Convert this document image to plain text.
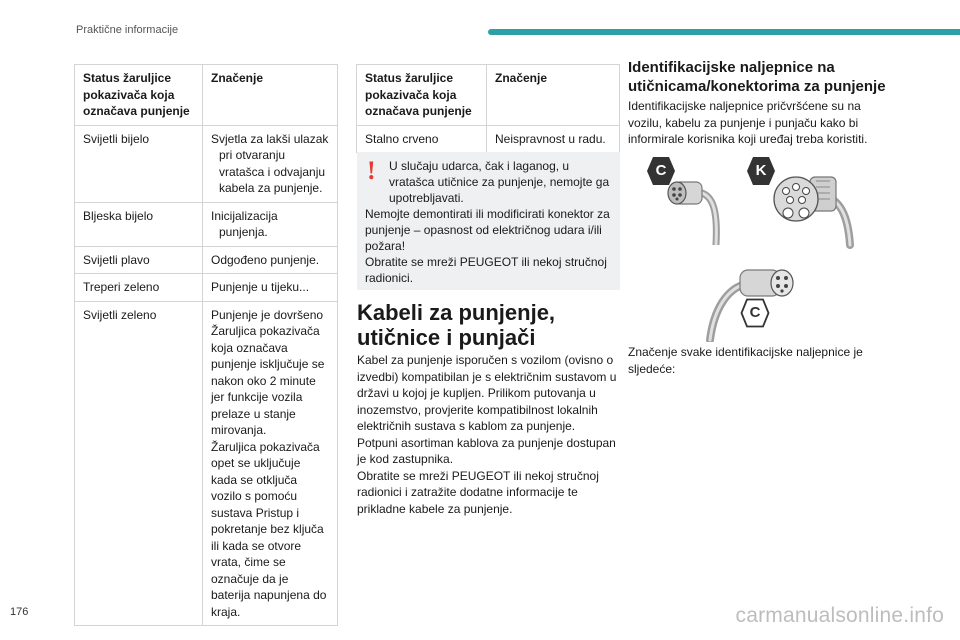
Praktične informacije
Status žaruljice pokazivača koja označava punjenje	Značenje
Svijetli bijelo	Svjetla za lakši ulazak pri otvaranju vratašca i odvajanju kabela za punjenje.

Bljeska bijelo	Inicijalizacija punjenja.

Svijetli plavo	Odgođeno punjenje.
Treperi zeleno	Punjenje u tijeku...
Svijetli zeleno	Punjenje je dovršeno
Žaruljica pokazivača koja označava punjenje isključuje se nakon oko 2 minute jer funkcije vozila prelaze u stanje mirovanja.
Žaruljica pokazivača opet se uključuje kada se otključa vozilo s pomoću sustava Pristup i pokretanje bez ključa ili kada se otvore vrata, čime se označuje da je baterija napunjena do kraja.
Status žaruljice pokazivača koja označava punjenje	Značenje
Stalno crveno	Neispravnost u radu.
!	U slučaju udarca, čak i laganog, u vratašca utičnice za punjenje, nemojte ga upotrebljavati.
Nemojte demontirati ili modificirati konektor za punjenje – opasnost od električnog udara i/ili požara!
Obratite se mreži PEUGEOT ili nekoj stručnoj radionici.
Kabeli za punjenje, utičnice i punjači

Kabel za punjenje isporučen s vozilom (ovisno o izvedbi) kompatibilan je s električnim sustavom u državi u kojoj je kupljen. Prilikom putovanja u inozemstvo, provjerite kompatibilnost lokalnih električnih sustava s kablom za punjenje.

Potpuni asortiman kablova za punjenje dostupan je kod zastupnika.

Obratite se mreži PEUGEOT ili nekoj stručnoj radionici i zatražite dodatne informacije te prikladne kabele za punjenje.

Identifikacijske naljepnice na utičnicama/konektorima za punjenje

Identifikacijske naljepnice pričvršćene su na vozilu, kabelu za punjenje i punjaču kako bi informirale korisnika koji uređaj treba koristiti.

C	K
C

Značenje svake identifikacijske naljepnice je sljedeće:

176	carmanualsonline.info
